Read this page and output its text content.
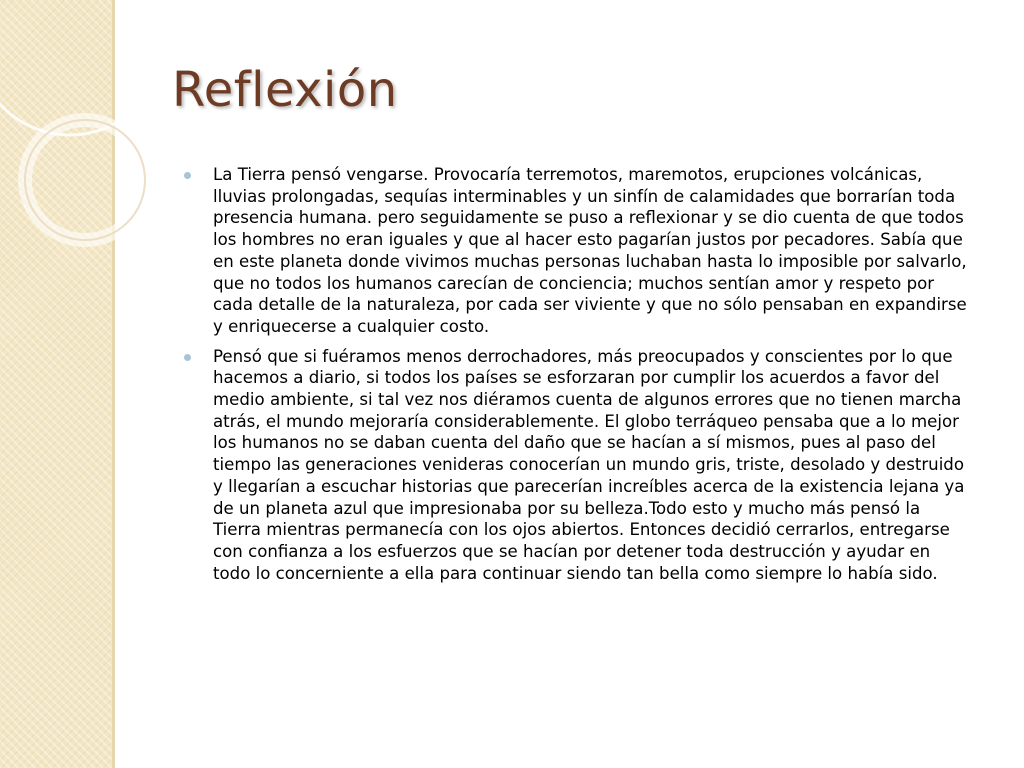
Reflexión
La Tierra pensó vengarse. Provocaría terremotos, maremotos, erupciones volcánicas, lluvias prolongadas, sequías interminables y un sinfín de calamidades que borrarían toda presencia humana. pero seguidamente se puso a reflexionar y se dio cuenta de que todos los hombres no eran iguales y que al hacer esto pagarían justos por pecadores. Sabía que en este planeta donde vivimos muchas personas luchaban hasta lo imposible por salvarlo, que no todos los humanos carecían de conciencia; muchos sentían amor y respeto por cada detalle de la naturaleza, por cada ser viviente y que no sólo pensaban en expandirse y enriquecerse a cualquier costo.
Pensó que si fuéramos menos derrochadores, más preocupados y conscientes por lo que hacemos a diario, si todos los países se esforzaran por cumplir los acuerdos a favor del medio ambiente, si tal vez nos diéramos cuenta de algunos errores que no tienen marcha atrás, el mundo mejoraría considerablemente. El globo terráqueo pensaba que a lo mejor los humanos no se daban cuenta del daño que se hacían a sí mismos, pues al paso del tiempo las generaciones venideras conocerían un mundo gris, triste, desolado y destruido y llegarían a escuchar historias que parecerían increíbles acerca de la existencia lejana ya de un planeta azul que impresionaba por su belleza.Todo esto y mucho más pensó la Tierra mientras permanecía con los ojos abiertos. Entonces decidió cerrarlos, entregarse con confianza a los esfuerzos que se hacían por detener toda destrucción y ayudar en todo lo concerniente a ella para continuar siendo tan bella como siempre lo había sido.
